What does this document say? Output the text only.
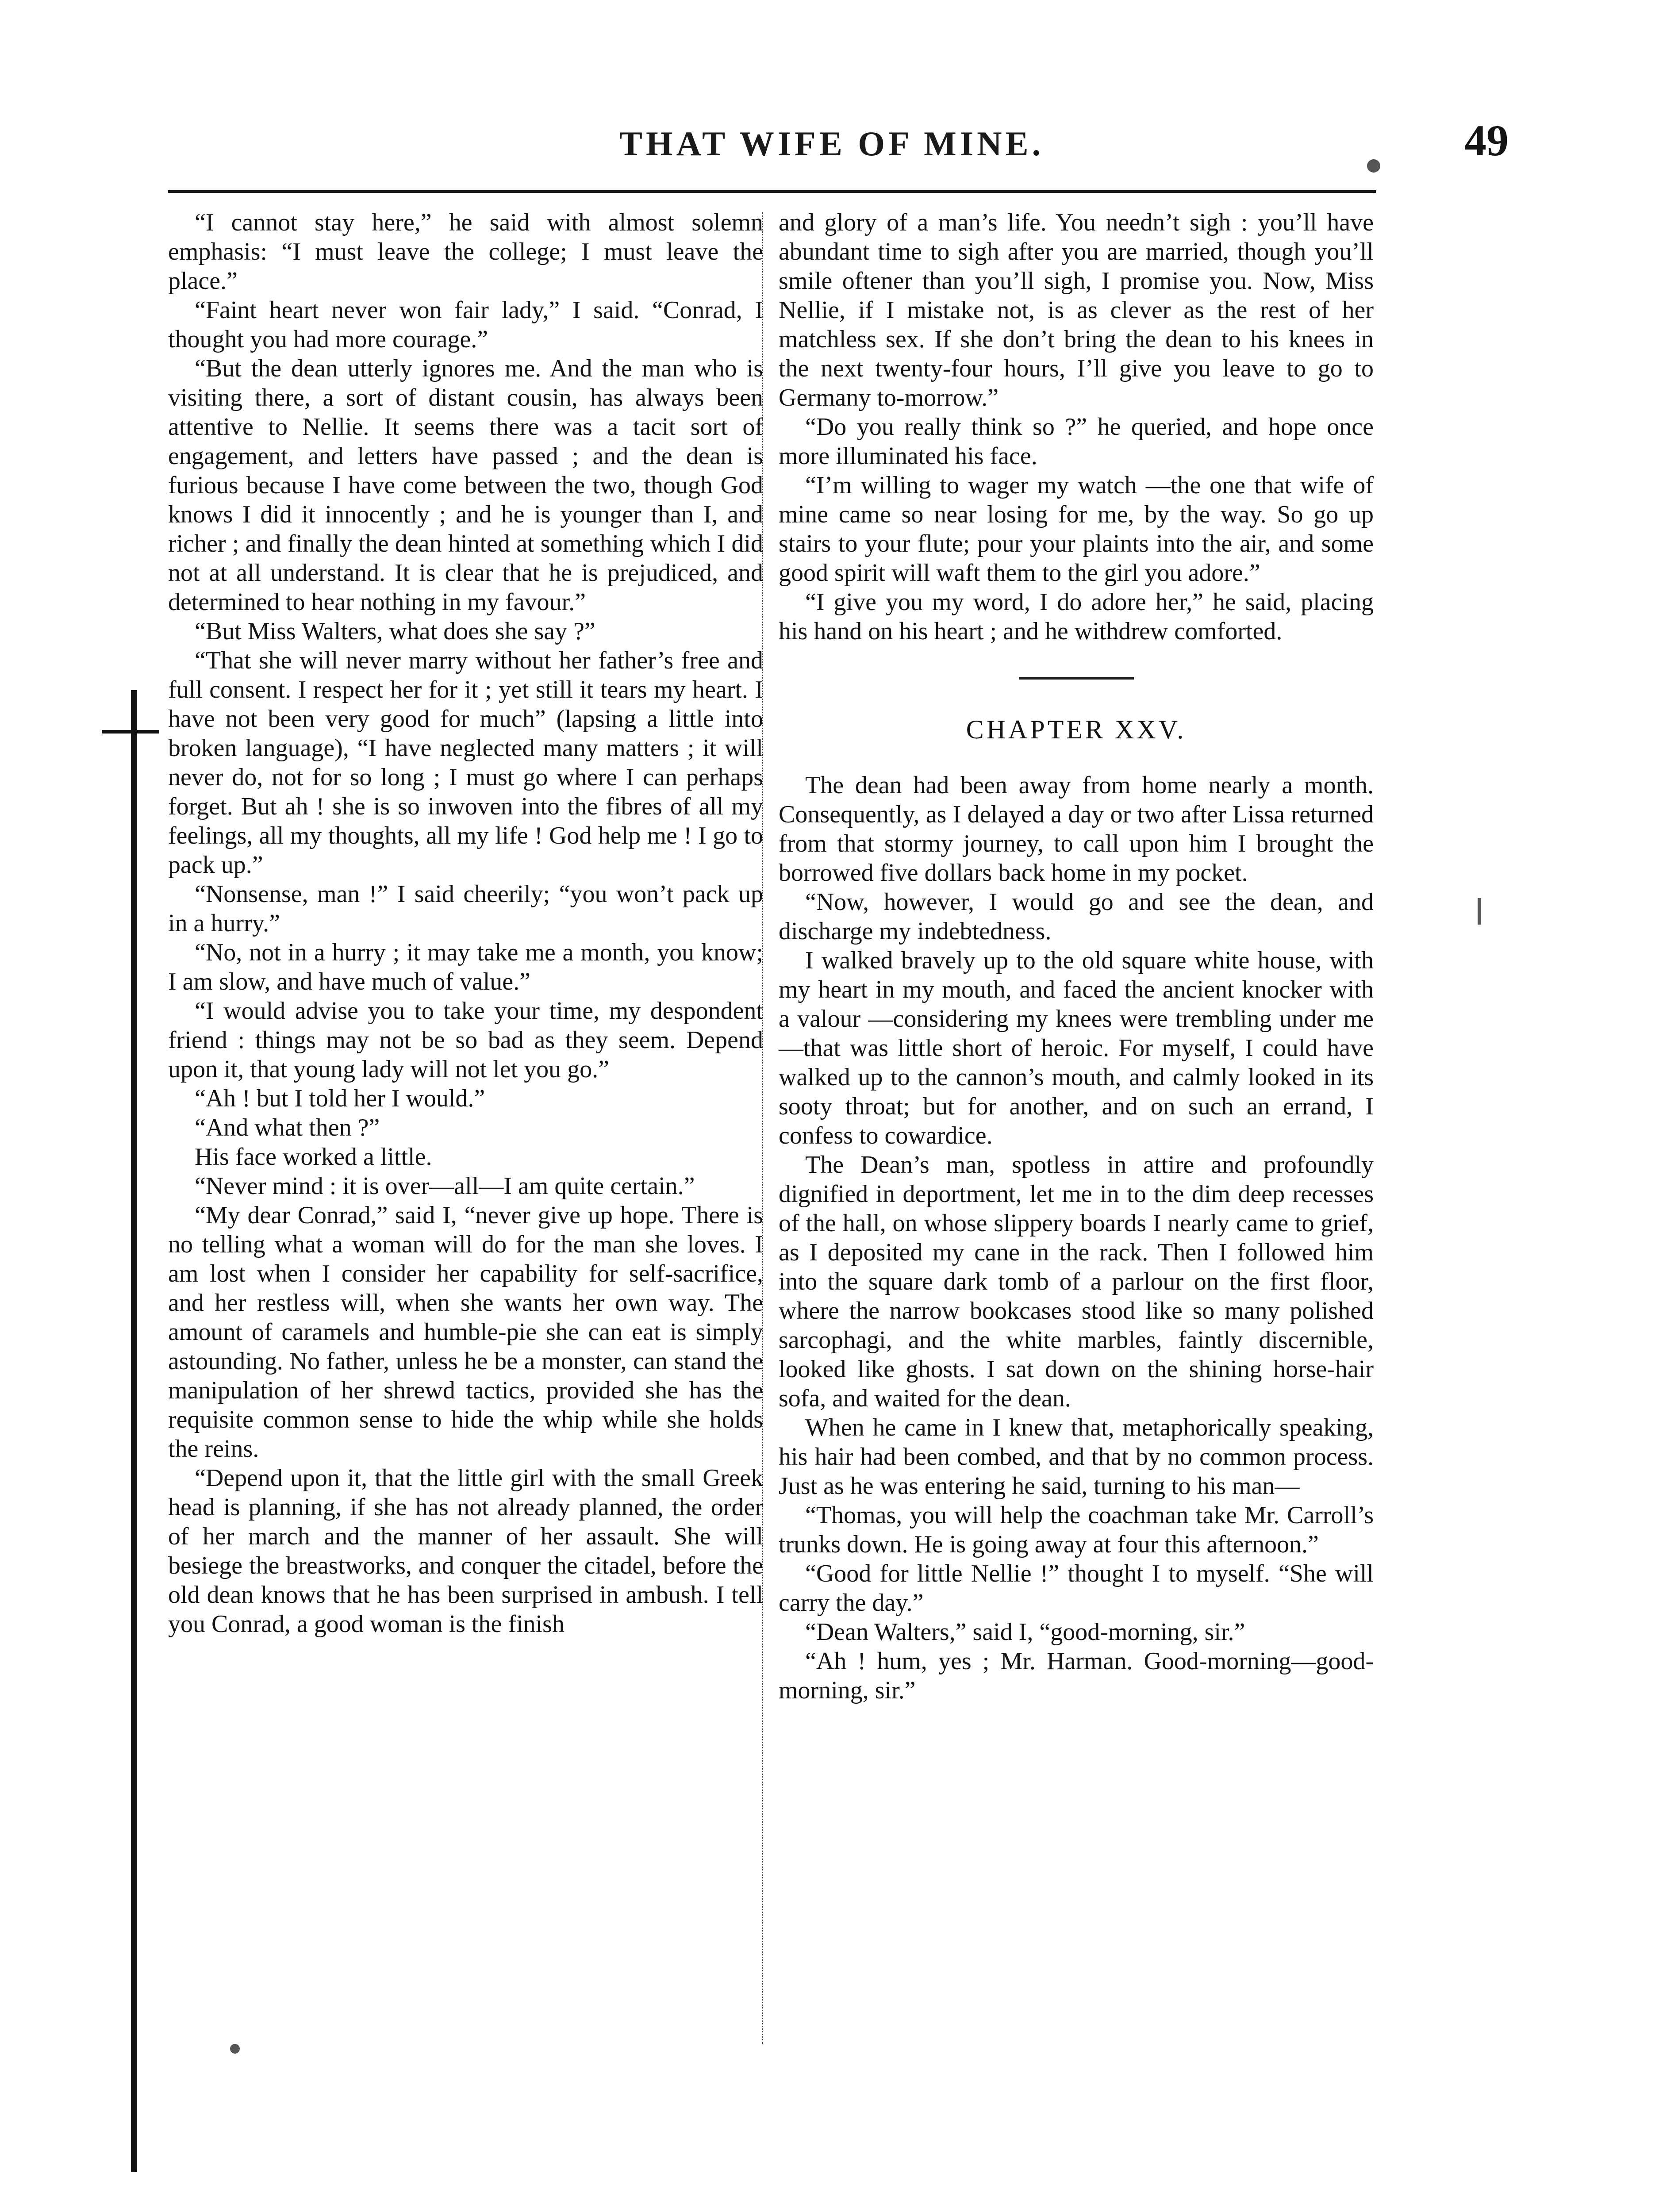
THAT WIFE OF MINE.	49

“I cannot stay here,” he said with almost solemn emphasis: “I must leave the college; I must leave the place.”

“Faint heart never won fair lady,” I said. “Conrad, I thought you had more courage.”

“But the dean utterly ignores me. And the man who is visiting there, a sort of distant cousin, has always been attentive to Nellie. It seems there was a tacit sort of engagement, and letters have passed ; and the dean is furious because I have come between the two, though God knows I did it innocently ; and he is younger than I, and richer ; and finally the dean hinted at something which I did not at all understand. It is clear that he is prejudiced, and determined to hear nothing in my favour.”

“But Miss Walters, what does she say ?”

“That she will never marry without her father’s free and full consent. I respect her for it ; yet still it tears my heart. I have not been very good for much” (lapsing a little into broken language), “I have neglected many matters ; it will never do, not for so long ; I must go where I can perhaps forget. But ah ! she is so inwoven into the fibres of all my feelings, all my thoughts, all my life ! God help me ! I go to pack up.”

“Nonsense, man !” I said cheerily; “you won’t pack up in a hurry.”

“No, not in a hurry ; it may take me a month, you know; I am slow, and have much of value.”

“I would advise you to take your time, my despondent friend : things may not be so bad as they seem. Depend upon it, that young lady will not let you go.”

“Ah ! but I told her I would.”

“And what then ?”

His face worked a little.

“Never mind : it is over—all—I am quite certain.”

“My dear Conrad,” said I, “never give up hope. There is no telling what a woman will do for the man she loves. I am lost when I consider her capability for self-sacrifice, and her restless will, when she wants her own way. The amount of caramels and humble-pie she can eat is simply astounding. No father, unless he be a monster, can stand the manipulation of her shrewd tactics, provided she has the requisite common sense to hide the whip while she holds the reins.

“Depend upon it, that the little girl with the small Greek head is planning, if she has not already planned, the order of her march and the manner of her assault. She will besiege the breastworks, and conquer the citadel, before the old dean knows that he has been surprised in ambush. I tell you Conrad, a good woman is the finish

and glory of a man’s life. You needn’t sigh : you’ll have abundant time to sigh after you are married, though you’ll smile oftener than you’ll sigh, I promise you. Now, Miss Nellie, if I mistake not, is as clever as the rest of her matchless sex. If she don’t bring the dean to his knees in the next twenty-four hours, I’ll give you leave to go to Germany to-morrow.”

“Do you really think so ?” he queried, and hope once more illuminated his face.

“I’m willing to wager my watch —the one that wife of mine came so near losing for me, by the way. So go up stairs to your flute; pour your plaints into the air, and some good spirit will waft them to the girl you adore.”

“I give you my word, I do adore her,” he said, placing his hand on his heart ; and he withdrew comforted.

CHAPTER XXV.

The dean had been away from home nearly a month. Consequently, as I delayed a day or two after Lissa returned from that stormy journey, to call upon him I brought the borrowed five dollars back home in my pocket.

“Now, however, I would go and see the dean, and discharge my indebtedness.

I walked bravely up to the old square white house, with my heart in my mouth, and faced the ancient knocker with a valour —considering my knees were trembling under me—that was little short of heroic. For myself, I could have walked up to the cannon’s mouth, and calmly looked in its sooty throat; but for another, and on such an errand, I confess to cowardice.

The Dean’s man, spotless in attire and profoundly dignified in deportment, let me in to the dim deep recesses of the hall, on whose slippery boards I nearly came to grief, as I deposited my cane in the rack. Then I followed him into the square dark tomb of a parlour on the first floor, where the narrow bookcases stood like so many polished sarcophagi, and the white marbles, faintly discernible, looked like ghosts. I sat down on the shining horse-hair sofa, and waited for the dean.

When he came in I knew that, metaphorically speaking, his hair had been combed, and that by no common process. Just as he was entering he said, turning to his man—

“Thomas, you will help the coachman take Mr. Carroll’s trunks down. He is going away at four this afternoon.”

“Good for little Nellie !” thought I to myself. “She will carry the day.”

“Dean Walters,” said I, “good-morning, sir.”

“Ah ! hum, yes ; Mr. Harman. Good-morning—good-morning, sir.”
